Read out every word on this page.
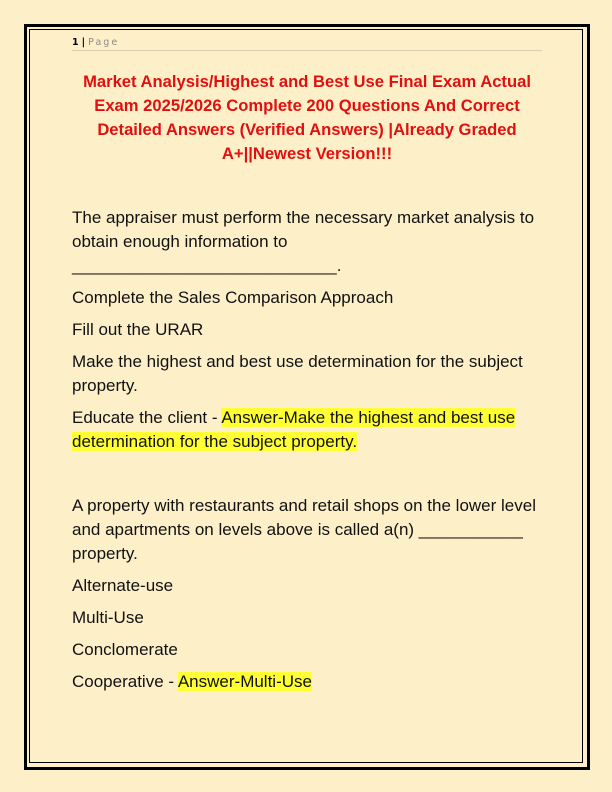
1 | Page
Market Analysis/Highest and Best Use Final Exam Actual Exam 2025/2026 Complete 200 Questions And Correct Detailed Answers (Verified Answers) |Already Graded A+||Newest Version!!!

The appraiser must perform the necessary market analysis to obtain enough information to ____________________________.

Complete the Sales Comparison Approach

Fill out the URAR

Make the highest and best use determination for the subject property.

Educate the client - Answer-Make the highest and best use determination for the subject property.

A property with restaurants and retail shops on the lower level and apartments on levels above is called a(n) ___________ property.

Alternate-use

Multi-Use

Conclomerate

Cooperative - Answer-Multi-Use
